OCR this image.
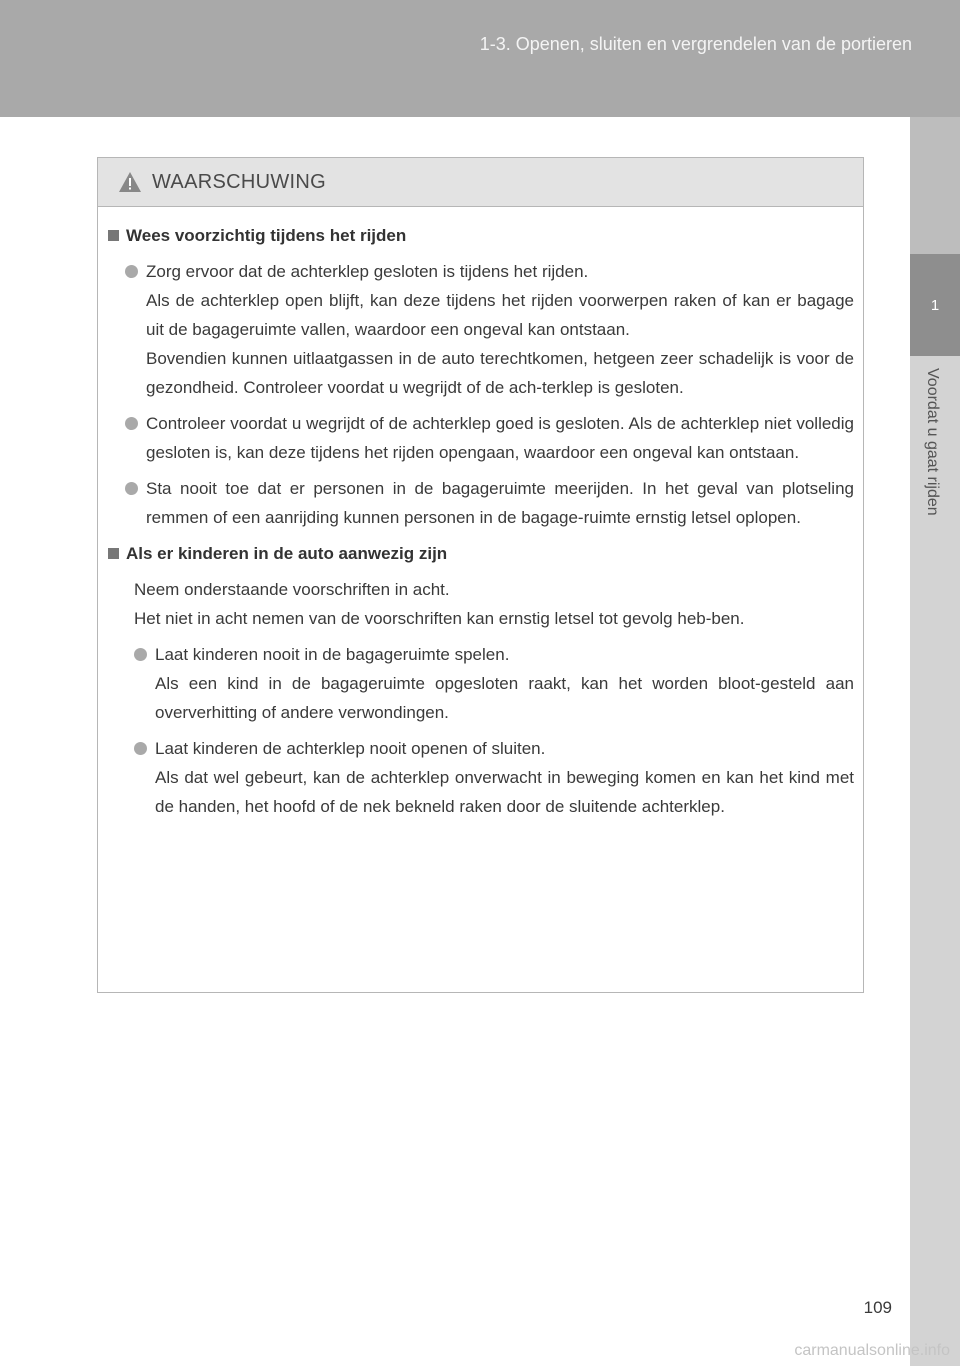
1-3. Openen, sluiten en vergrendelen van de portieren
1
Voordat u gaat rijden
WAARSCHUWING
Wees voorzichtig tijdens het rijden
Zorg ervoor dat de achterklep gesloten is tijdens het rijden.
Als de achterklep open blijft, kan deze tijdens het rijden voorwerpen raken of kan er bagage uit de bagageruimte vallen, waardoor een ongeval kan ontstaan.
Bovendien kunnen uitlaatgassen in de auto terechtkomen, hetgeen zeer schadelijk is voor de gezondheid. Controleer voordat u wegrijdt of de ach-terklep is gesloten.
Controleer voordat u wegrijdt of de achterklep goed is gesloten. Als de achterklep niet volledig gesloten is, kan deze tijdens het rijden opengaan, waardoor een ongeval kan ontstaan.
Sta nooit toe dat er personen in de bagageruimte meerijden. In het geval van plotseling remmen of een aanrijding kunnen personen in de bagage-ruimte ernstig letsel oplopen.
Als er kinderen in de auto aanwezig zijn
Neem onderstaande voorschriften in acht.
Het niet in acht nemen van de voorschriften kan ernstig letsel tot gevolg heb-ben.
Laat kinderen nooit in de bagageruimte spelen.
Als een kind in de bagageruimte opgesloten raakt, kan het worden bloot-gesteld aan oververhitting of andere verwondingen.
Laat kinderen de achterklep nooit openen of sluiten.
Als dat wel gebeurt, kan de achterklep onverwacht in beweging komen en kan het kind met de handen, het hoofd of de nek bekneld raken door de sluitende achterklep.
109
carmanualsonline.info
